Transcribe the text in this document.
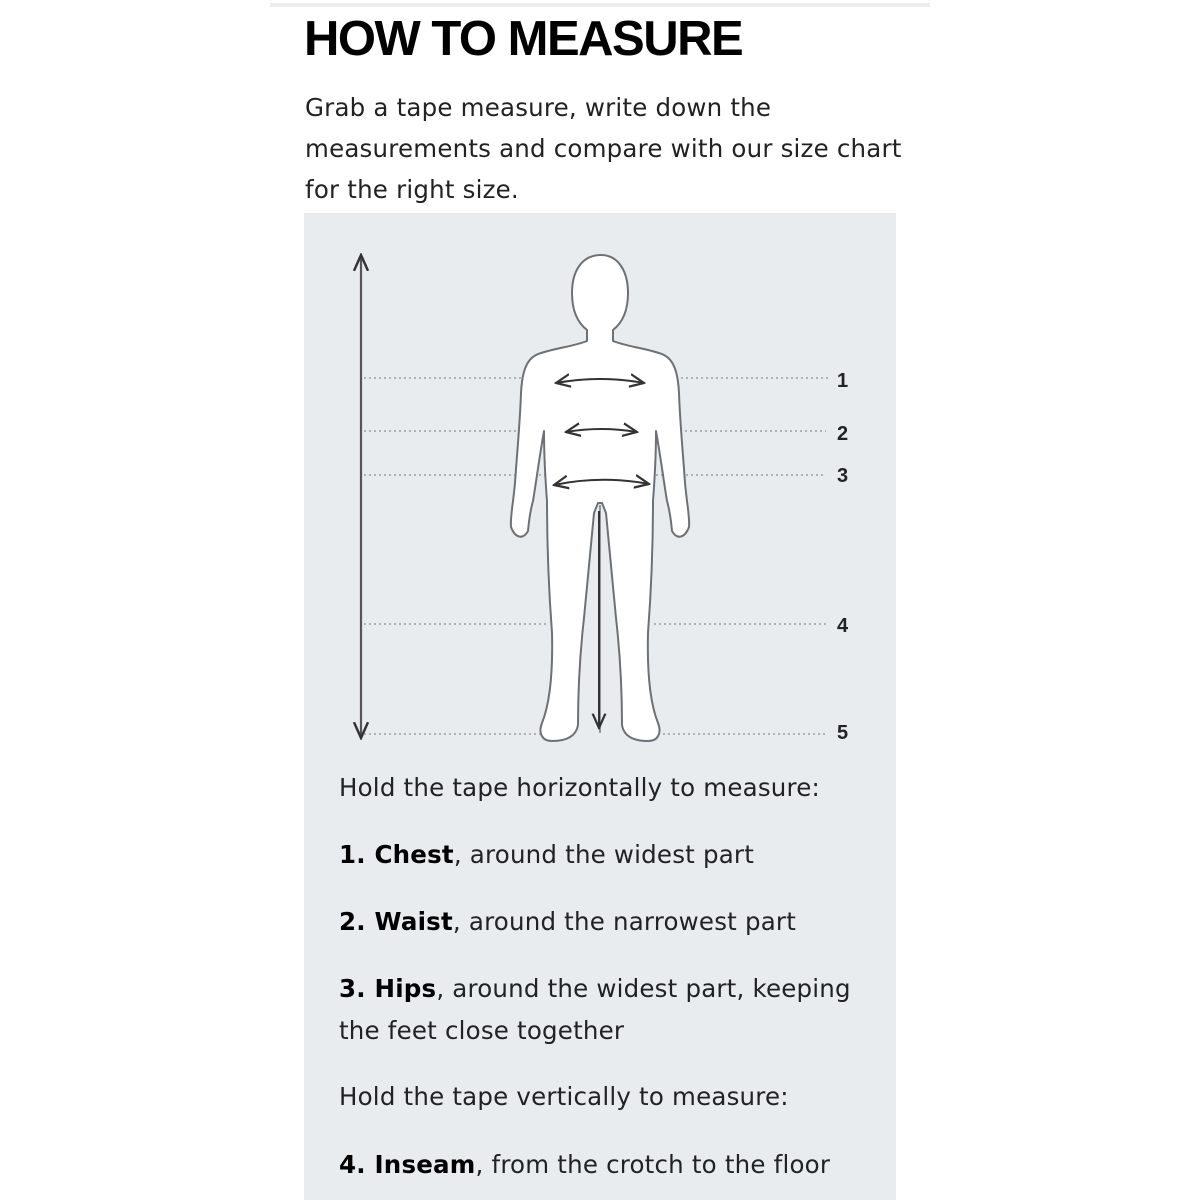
HOW TO MEASURE

Grab a tape measure, write down the measurements and compare with our size chart for the right size.

1
2
3
4
5

Hold the tape horizontally to measure:

1. Chest, around the widest part

2. Waist, around the narrowest part

3. Hips, around the widest part, keeping

the feet close together

Hold the tape vertically to measure:

4. Inseam, from the crotch to the floor
